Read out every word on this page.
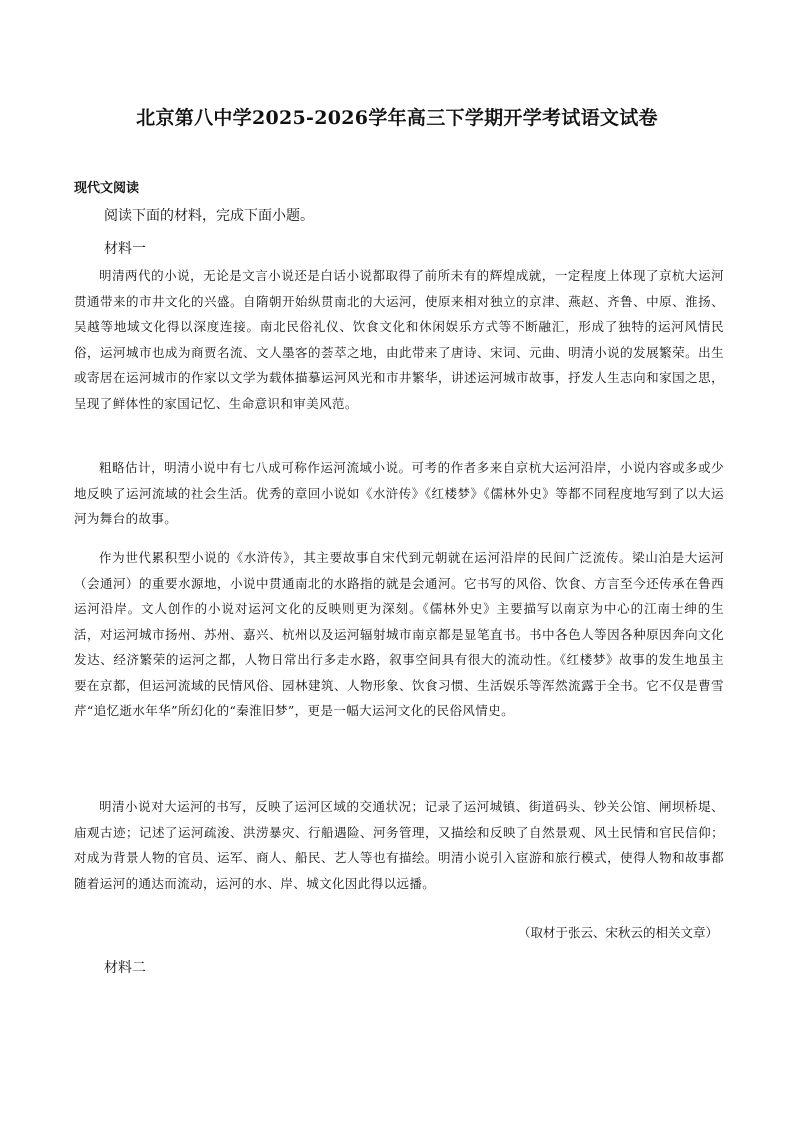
北京第八中学2025-2026学年高三下学期开学考试语文试卷

现代文阅读

阅读下面的材料，完成下面小题。

材料一

明清两代的小说，无论是文言小说还是白话小说都取得了前所未有的辉煌成就，一定程度上体现了京杭大运河贯通带来的市井文化的兴盛。自隋朝开始纵贯南北的大运河，使原来相对独立的京津、燕赵、齐鲁、中原、淮扬、吴越等地域文化得以深度连接。南北民俗礼仪、饮食文化和休闲娱乐方式等不断融汇，形成了独特的运河风情民俗，运河城市也成为商贾名流、文人墨客的荟萃之地，由此带来了唐诗、宋词、元曲、明清小说的发展繁荣。出生或寄居在运河城市的作家以文学为载体描摹运河风光和市井繁华，讲述运河城市故事，抒发人生志向和家国之思，呈现了鲜体性的家国记忆、生命意识和审美风范。

粗略估计，明清小说中有七八成可称作运河流域小说。可考的作者多来自京杭大运河沿岸，小说内容或多或少地反映了运河流域的社会生活。优秀的章回小说如《水浒传》《红楼梦》《儒林外史》等都不同程度地写到了以大运河为舞台的故事。

作为世代累积型小说的《水浒传》，其主要故事自宋代到元朝就在运河沿岸的民间广泛流传。梁山泊是大运河（会通河）的重要水源地，小说中贯通南北的水路指的就是会通河。它书写的风俗、饮食、方言至今还传承在鲁西运河沿岸。文人创作的小说对运河文化的反映则更为深刻。《儒林外史》主要描写以南京为中心的江南士绅的生活，对运河城市扬州、苏州、嘉兴、杭州以及运河辐射城市南京都是显笔直书。书中各色人等因各种原因奔向文化发达、经济繁荣的运河之都，人物日常出行多走水路，叙事空间具有很大的流动性。《红楼梦》故事的发生地虽主要在京都，但运河流域的民情风俗、园林建筑、人物形象、饮食习惯、生活娱乐等浑然流露于全书。它不仅是曹雪芹“追忆逝水年华”所幻化的“秦淮旧梦”，更是一幅大运河文化的民俗风情史。

明清小说对大运河的书写，反映了运河区域的交通状况；记录了运河城镇、街道码头、钞关公馆、闸坝桥堤、庙观古迹；记述了运河疏浚、洪涝暴灾、行船遇险、河务管理，又描绘和反映了自然景观、风土民情和官民信仰；对成为背景人物的官员、运军、商人、船民、艺人等也有描绘。明清小说引入宦游和旅行模式，使得人物和故事都随着运河的通达而流动，运河的水、岸、城文化因此得以远播。

（取材于张云、宋秋云的相关文章）

材料二
